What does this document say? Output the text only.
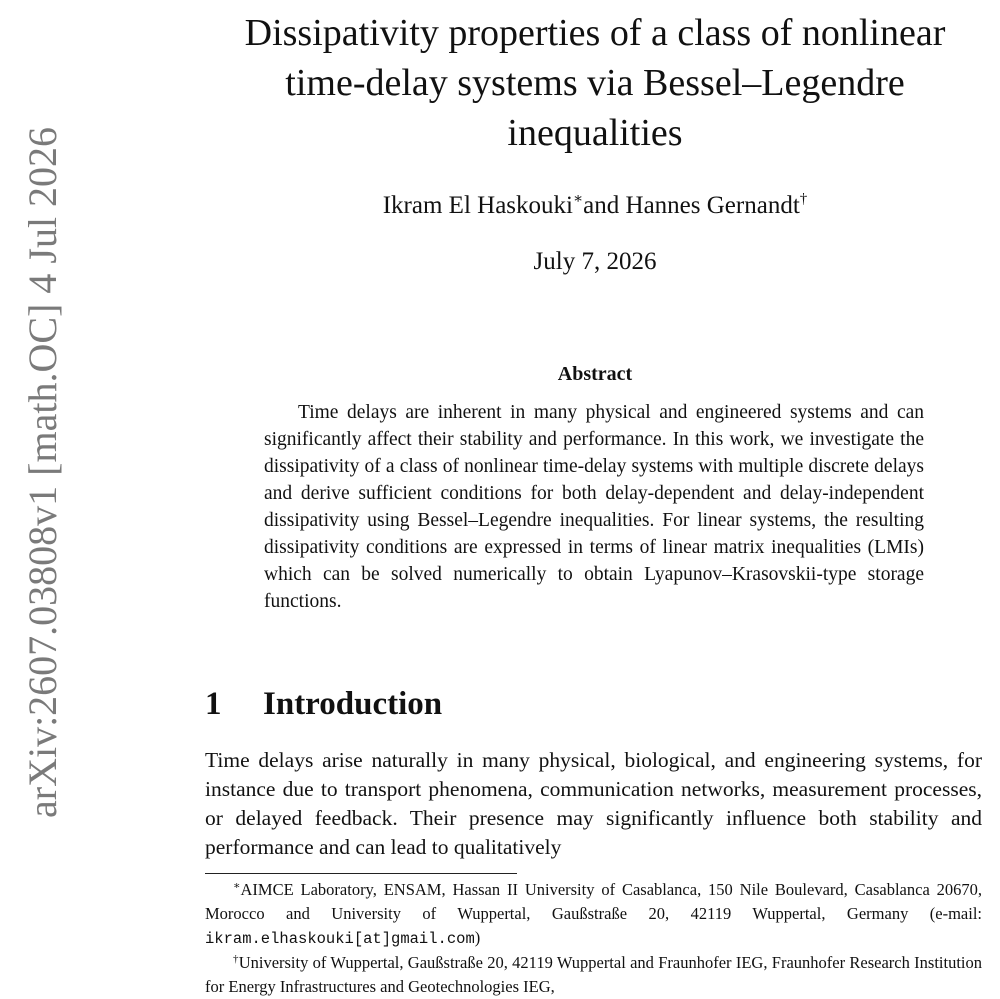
arXiv:2607.03808v1 [math.OC] 4 Jul 2026
Dissipativity properties of a class of nonlinear time-delay systems via Bessel–Legendre inequalities
Ikram El Haskouki∗and Hannes Gernandt†
July 7, 2026
Abstract
Time delays are inherent in many physical and engineered systems and can significantly affect their stability and performance. In this work, we investigate the dissipativity of a class of nonlinear time-delay systems with multiple discrete delays and derive sufficient conditions for both delay-dependent and delay-independent dissipativity using Bessel–Legendre inequalities. For linear systems, the resulting dissipativity conditions are expressed in terms of linear matrix inequalities (LMIs) which can be solved numerically to obtain Lyapunov–Krasovskii-type storage functions.
1 Introduction

Time delays arise naturally in many physical, biological, and engineering systems, for instance due to transport phenomena, communication networks, measurement processes, or delayed feedback. Their presence may significantly influence both stability and performance and can lead to qualitatively

∗AIMCE Laboratory, ENSAM, Hassan II University of Casablanca, 150 Nile Boulevard, Casablanca 20670, Morocco and University of Wuppertal, Gaußstraße 20, 42119 Wuppertal, Germany (e-mail: ikram.elhaskouki[at]gmail.com)

†University of Wuppertal, Gaußstraße 20, 42119 Wuppertal and Fraunhofer IEG, Fraunhofer Research Institution for Energy Infrastructures and Geotechnologies IEG,
